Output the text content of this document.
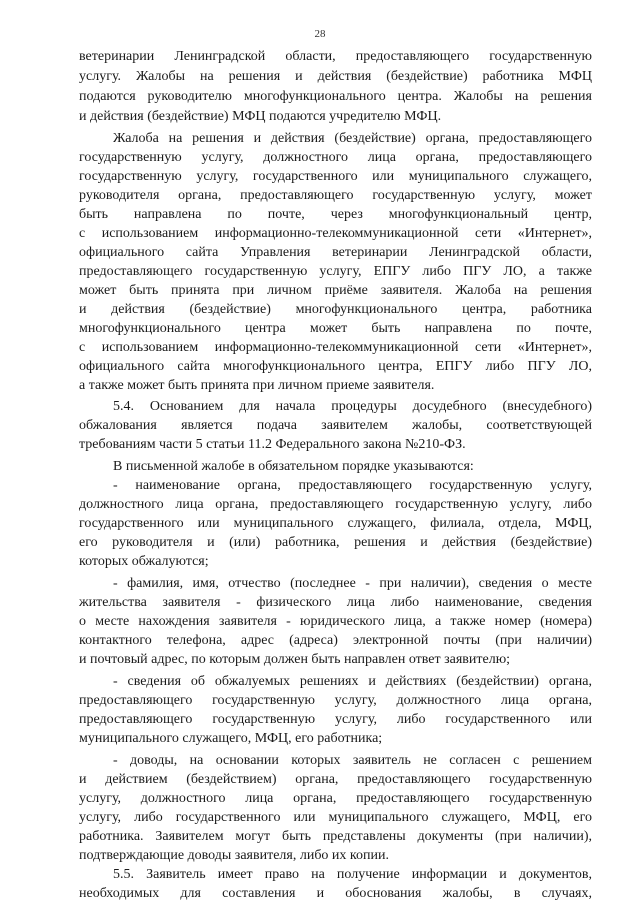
28
ветеринарии Ленинградской области, предоставляющего государственную
услугу. Жалобы на решения и действия (бездействие) работника МФЦ
подаются руководителю многофункционального центра. Жалобы на решения
и действия (бездействие) МФЦ подаются учредителю МФЦ.
Жалоба на решения и действия (бездействие) органа, предоставляющего
государственную услугу, должностного лица органа, предоставляющего
государственную услугу, государственного или муниципального служащего,
руководителя органа, предоставляющего государственную услугу, может
быть направлена по почте, через многофункциональный центр,
с использованием информационно-телекоммуникационной сети «Интернет»,
официального сайта Управления ветеринарии Ленинградской области,
предоставляющего государственную услугу, ЕПГУ либо ПГУ ЛО, а также
может быть принята при личном приёме заявителя. Жалоба на решения
и действия (бездействие) многофункционального центра, работника
многофункционального центра может быть направлена по почте,
с использованием информационно-телекоммуникационной сети «Интернет»,
официального сайта многофункционального центра, ЕПГУ либо ПГУ ЛО,
а также может быть принята при личном приеме заявителя.
5.4. Основанием для начала процедуры досудебного (внесудебного)
обжалования является подача заявителем жалобы, соответствующей
требованиям части 5 статьи 11.2 Федерального закона №210-ФЗ.
В письменной жалобе в обязательном порядке указываются:
- наименование органа, предоставляющего государственную услугу,
должностного лица органа, предоставляющего государственную услугу, либо
государственного или муниципального служащего, филиала, отдела, МФЦ,
его руководителя и (или) работника, решения и действия (бездействие)
которых обжалуются;
- фамилия, имя, отчество (последнее - при наличии), сведения о месте
жительства заявителя - физического лица либо наименование, сведения
о месте нахождения заявителя - юридического лица, а также номер (номера)
контактного телефона, адрес (адреса) электронной почты (при наличии)
и почтовый адрес, по которым должен быть направлен ответ заявителю;
- сведения об обжалуемых решениях и действиях (бездействии) органа,
предоставляющего государственную услугу, должностного лица органа,
предоставляющего государственную услугу, либо государственного или
муниципального служащего, МФЦ, его работника;
- доводы, на основании которых заявитель не согласен с решением
и действием (бездействием) органа, предоставляющего государственную
услугу, должностного лица органа, предоставляющего государственную
услугу, либо государственного или муниципального служащего, МФЦ, его
работника. Заявителем могут быть представлены документы (при наличии),
подтверждающие доводы заявителя, либо их копии.
5.5. Заявитель имеет право на получение информации и документов,
необходимых для составления и обоснования жалобы, в случаях,
